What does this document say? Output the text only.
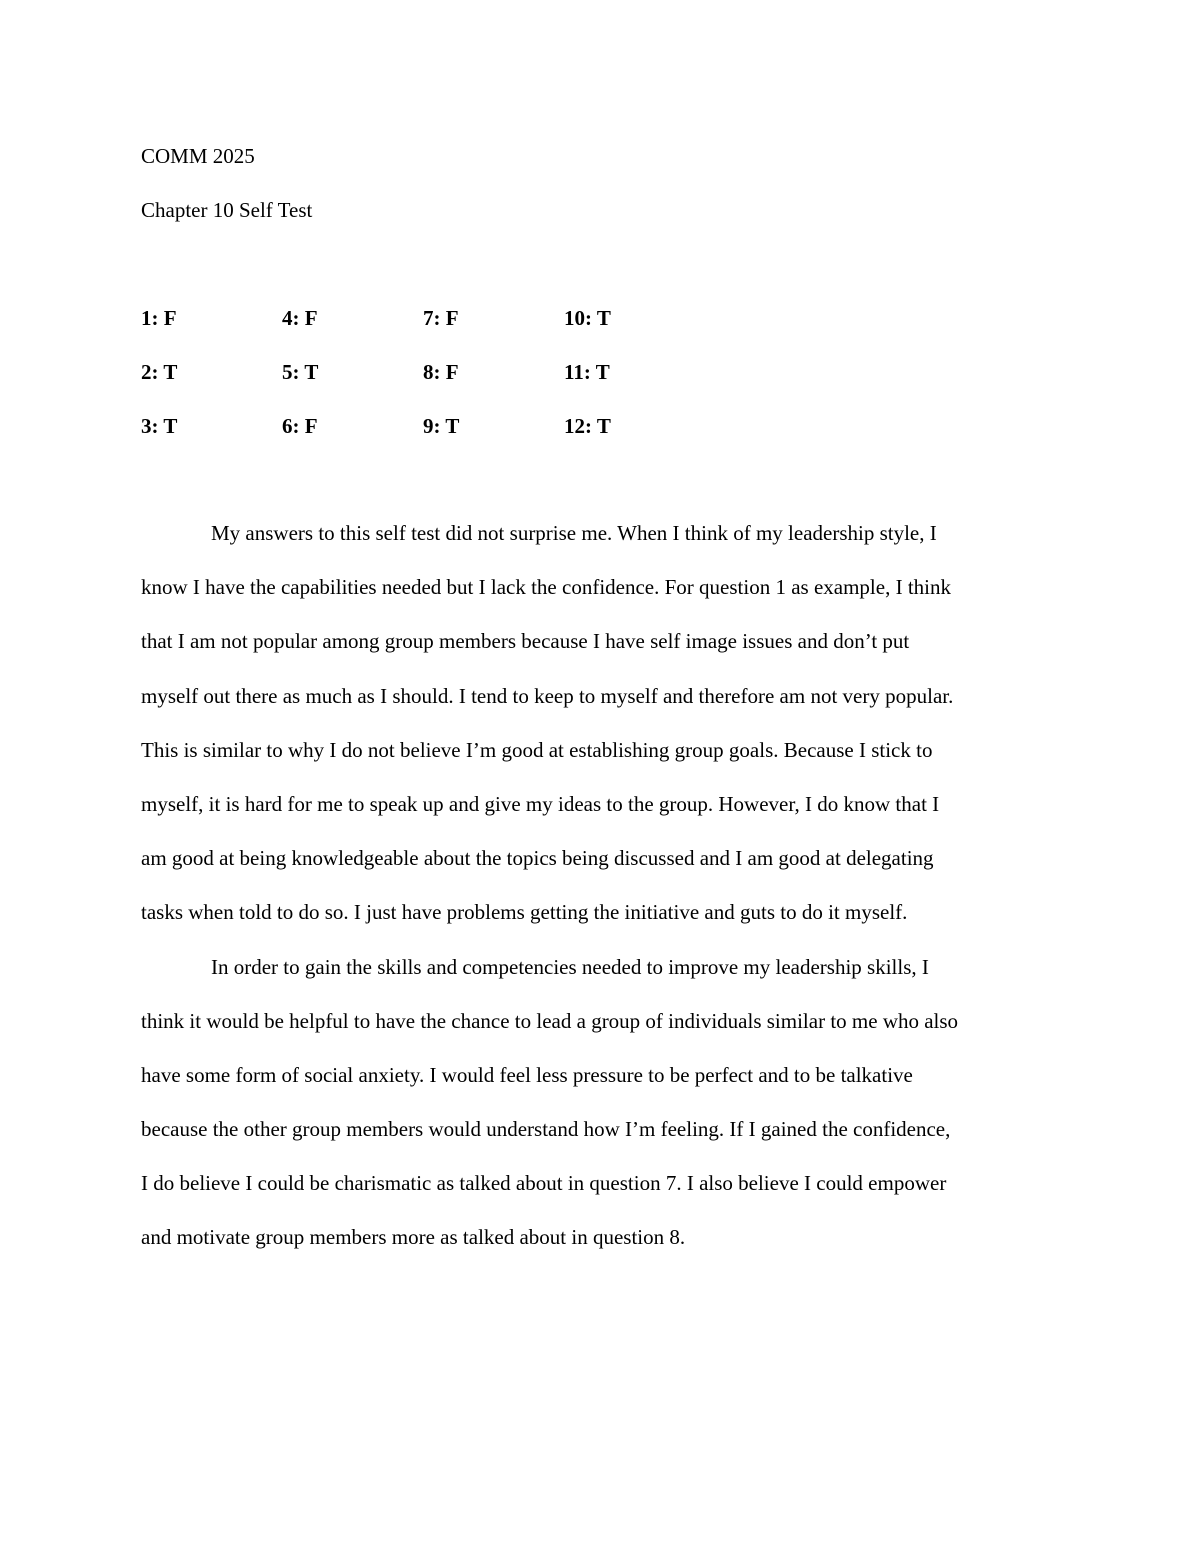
COMM 2025
Chapter 10 Self Test
1: F	4: F	7: F	10: T
2: T	5: T	8: F	11: T
3: T	6: F	9: T	12: T
My answers to this self test did not surprise me. When I think of my leadership style, I
know I have the capabilities needed but I lack the confidence. For question 1 as example, I think
that I am not popular among group members because I have self image issues and don’t put
myself out there as much as I should. I tend to keep to myself and therefore am not very popular.
This is similar to why I do not believe I’m good at establishing group goals. Because I stick to
myself, it is hard for me to speak up and give my ideas to the group. However, I do know that I
am good at being knowledgeable about the topics being discussed and I am good at delegating
tasks when told to do so. I just have problems getting the initiative and guts to do it myself.
In order to gain the skills and competencies needed to improve my leadership skills, I
think it would be helpful to have the chance to lead a group of individuals similar to me who also
have some form of social anxiety. I would feel less pressure to be perfect and to be talkative
because the other group members would understand how I’m feeling. If I gained the confidence,
I do believe I could be charismatic as talked about in question 7. I also believe I could empower
and motivate group members more as talked about in question 8.
